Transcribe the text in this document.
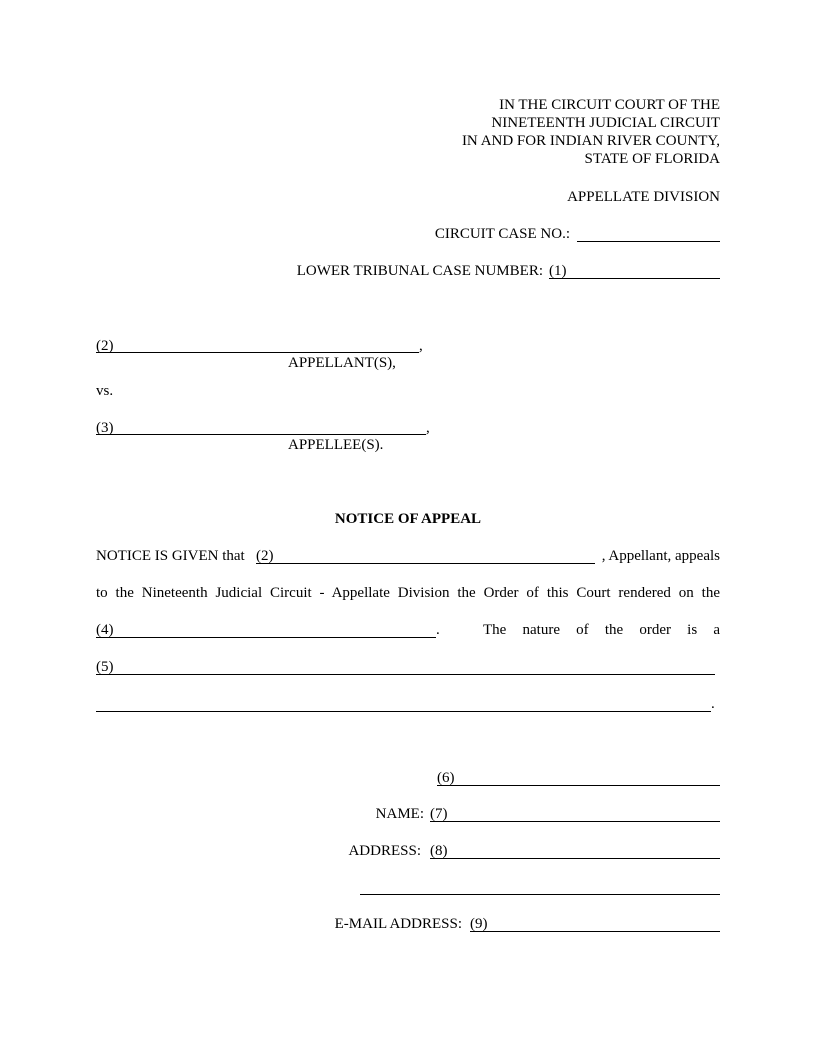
IN THE CIRCUIT COURT OF THE
NINETEENTH JUDICIAL CIRCUIT
IN AND FOR INDIAN RIVER COUNTY,
STATE OF FLORIDA
APPELLATE DIVISION
CIRCUIT CASE NO.:
LOWER TRIBUNAL CASE NUMBER: (1)
(2)	,
APPELLANT(S),
vs.
(3)	,
APPELLEE(S).
NOTICE OF APPEAL
NOTICE IS GIVEN that (2)	, Appellant, appeals
to the Nineteenth Judicial Circuit - Appellate Division the Order of this Court rendered on the
(4)	.	The nature of the order is a
(5)
.
(6)
NAME: (7)
ADDRESS: (8)
E-MAIL ADDRESS: (9)
